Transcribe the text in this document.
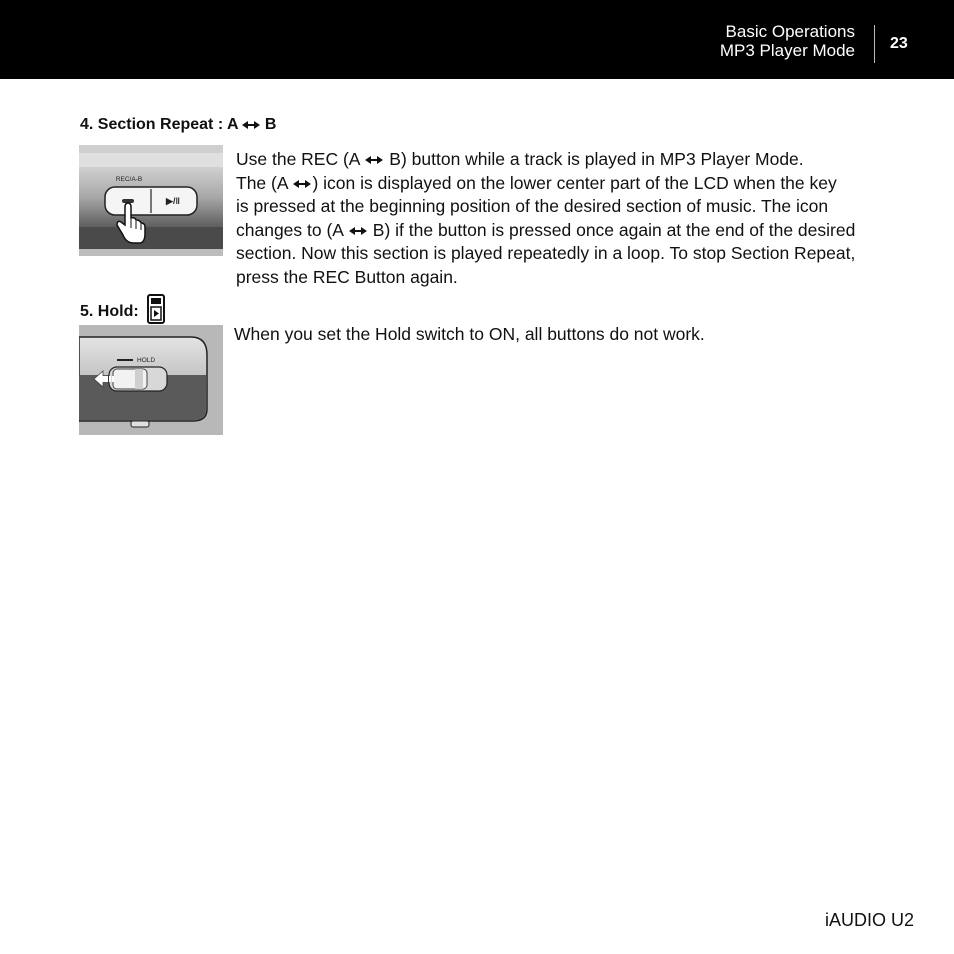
Basic Operations
MP3 Player Mode 23
4. Section Repeat : A B
REC/A-B
▶/‖
Use the REC (A B) button while a track is played in MP3 Player Mode.
The (A ) icon is displayed on the lower center part of the LCD when the key
is pressed at the beginning position of the desired section of music. The icon
changes to (A B) if the button is pressed once again at the end of the desired
section. Now this section is played repeatedly in a loop. To stop Section Repeat,
press the REC Button again.
5. Hold:
HOLD
When you set the Hold switch to ON, all buttons do not work.
iAUDIO U2
